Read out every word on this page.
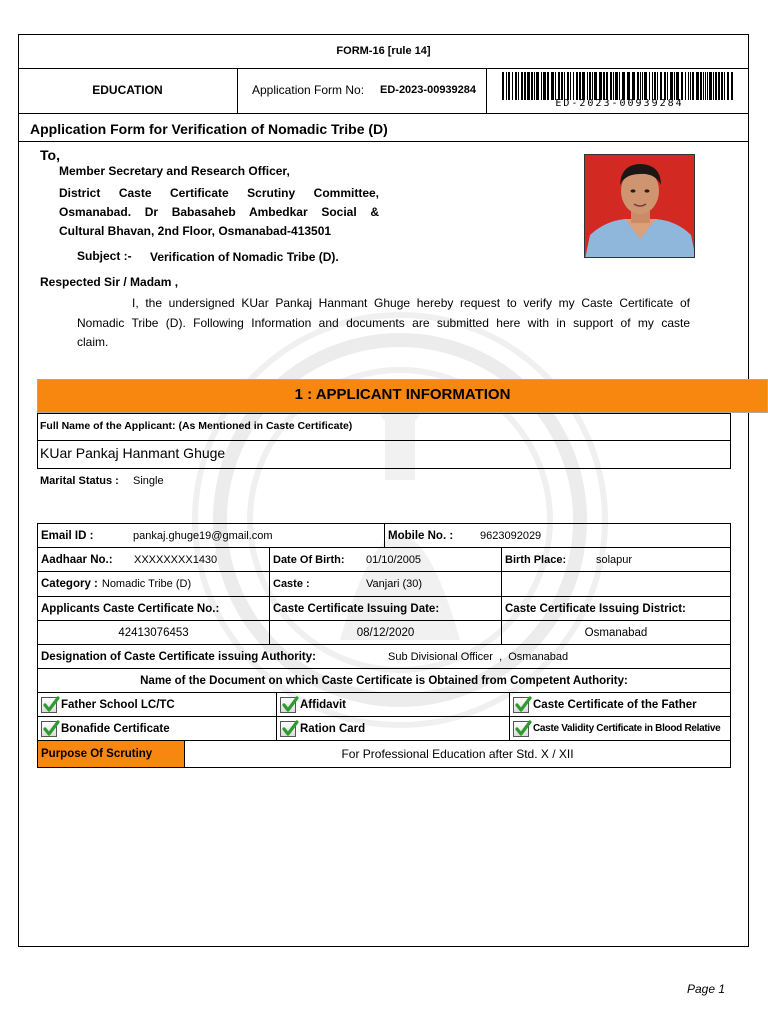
FORM-16 [rule 14]
EDUCATION	Application Form No: ED-2023-00939284
ED-2023-00939284
Application Form for Verification of Nomadic Tribe (D)
To,
Member Secretary and Research Officer,
District Caste Certificate Scrutiny Committee,
Osmanabad. Dr Babasaheb Ambedkar Social &
Cultural Bhavan, 2nd Floor, Osmanabad-413501
Subject :- Verification of Nomadic Tribe (D).
Respected Sir / Madam ,
I, the undersigned KUar Pankaj Hanmant Ghuge hereby request to verify my Caste Certificate of
Nomadic Tribe (D). Following Information and documents are submitted here with in support of my caste
claim.
1 : APPLICANT INFORMATION
Full Name of the Applicant: (As Mentioned in Caste Certificate)
KUar Pankaj Hanmant Ghuge
Marital Status : Single
Email ID :	pankaj.ghuge19@gmail.com	Mobile No. :	9623092029
Aadhaar No.:	XXXXXXXX1430	Date Of Birth:	01/10/2005	Birth Place:	solapur
Category : Nomadic Tribe (D)	Caste :	Vanjari (30)
Applicants Caste Certificate No.:	Caste Certificate Issuing Date:	Caste Certificate Issuing District:
42413076453	08/12/2020	Osmanabad
Designation of Caste Certificate issuing Authority:	Sub Divisional Officer  ,  Osmanabad
Name of the Document on which Caste Certificate is Obtained from Competent Authority:
Father School LC/TC	Affidavit	Caste Certificate of the Father
Bonafide Certificate	Ration Card	Caste Validity Certificate in Blood Relative
Purpose Of Scrutiny	For Professional Education after Std. X / XII
Page 1
